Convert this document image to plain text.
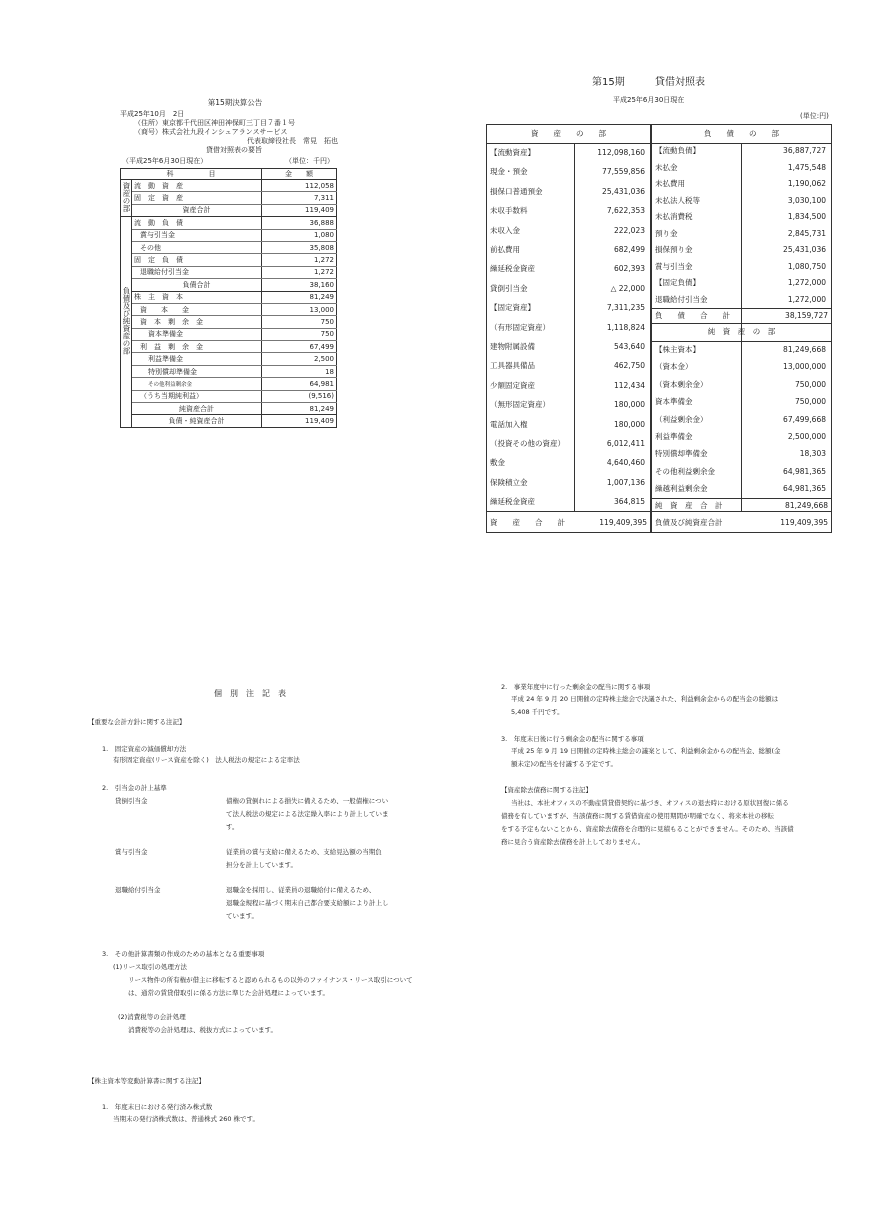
第15期決算公告
平成25年10月　2日
（住所）東京都千代田区神田神保町三丁目７番１号
（商号）株式会社九段インシュアランスサービス
代表取締役社長　常見　拓也
貸借対照表の要旨
（平成25年6月30日現在）	（単位：千円）
科　　　　　目		金　　額
資産の部	流　動　資　産	112,058
	固　定　資　産	7,311
	資産合計	119,409
負債及び純資産の部	流　動　負　債	36,888
	賞与引当金	1,080
	その他	35,808
	固　定　負　債	1,272
	退職給付引当金	1,272
	負債合計	38,160
	株　主　資　本	81,249
	資　　本　　金	13,000
	資　本　剰　余　金	750
	資本準備金	750
	利　益　剰　余　金	67,499
	利益準備金	2,500
	特別償却準備金	18
	その他利益剰余金	64,981
	（うち当期純利益）	(9,516)
	純資産合計	81,249
	負債・純資産合計	119,409
第15期	貸借対照表
平成25年6月30日現在
(単位:円)
資　　産　　の　　部
【流動資産】	112,098,160
現金・預金	77,559,856
損保口普通預金	25,431,036
未収手数料	7,622,353
未収入金	222,023
前払費用	682,499
繰延税金資産	602,393
貸倒引当金	△ 22,000
【固定資産】	7,311,235
（有形固定資産）	1,118,824
建物附属設備	543,640
工具器具備品	462,750
少額固定資産	112,434
（無形固定資産）	180,000
電話加入権	180,000
（投資その他の資産）	6,012,411
敷金	4,640,460
保険積立金	1,007,136
繰延税金資産	364,815
資　　産　　合　　計	119,409,395
負　　債　　の　　部
【流動負債】	36,887,727
未払金	1,475,548
未払費用	1,190,062
未払法人税等	3,030,100
未払消費税	1,834,500
預り金	2,845,731
損保預り金	25,431,036
賞与引当金	1,080,750
【固定負債】	1,272,000
退職給付引当金	1,272,000
負　　債　　合　　計	38,159,727
純　資　産　の　部
【株主資本】	81,249,668
（資本金）	13,000,000
（資本剰余金）	750,000
資本準備金	750,000
（利益剰余金）	67,499,668
利益準備金	2,500,000
特別償却準備金	18,303
その他利益剰余金	64,981,365
繰越利益剰余金	64,981,365
純　資　産　合　計	81,249,668
負債及び純資産合計	119,409,395
個　別　注　記　表
【重要な会計方針に関する注記】
1.　固定資産の減価償却方法
有形固定資産(リース資産を除く)　法人税法の規定による定率法
2.　引当金の計上基準
貸倒引当金	債権の貸倒れによる損失に備えるため、一般債権につい
て法人税法の規定による法定繰入率により計上していま
す。
賞与引当金	従業員の賞与支給に備えるため、支給見込額の当期負
担分を計上しています。
退職給付引当金	退職金を採用し、従業員の退職給付に備えるため、
退職金規程に基づく期末自己都合要支給額により計上し
ています。
3.　その他計算書類の作成のための基本となる重要事項
(1)リース取引の処理方法
リース物件の所有権が借主に移転すると認められるもの以外のファイナンス・リース取引について
は、通常の賃貸借取引に係る方法に準じた会計処理によっています。
(2)消費税等の会計処理
消費税等の会計処理は、税抜方式によっています。
【株主資本等変動計算書に関する注記】
1.　年度末日における発行済み株式数
当期末の発行済株式数は、普通株式 260 株です。
2.　事業年度中に行った剰余金の配当に関する事項
平成 24 年 9 月 20 日開催の定時株主総会で決議された、利益剰余金からの配当金の総額は
5,408 千円です。
3.　年度末日後に行う剰余金の配当に関する事項
平成 25 年 9 月 19 日開催の定時株主総会の議案として、利益剰余金からの配当金、総額(金
額未定)の配当を付議する予定です。
【資産除去債務に関する注記】
当社は、本社オフィスの不動産賃貸借契約に基づき、オフィスの退去時における原状回復に係る
債務を有していますが、当該債務に関する賃借資産の使用期間が明確でなく、将来本社の移転
をする予定もないことから、資産除去債務を合理的に見積もることができません。そのため、当該債
務に見合う資産除去債務を計上しておりません。
